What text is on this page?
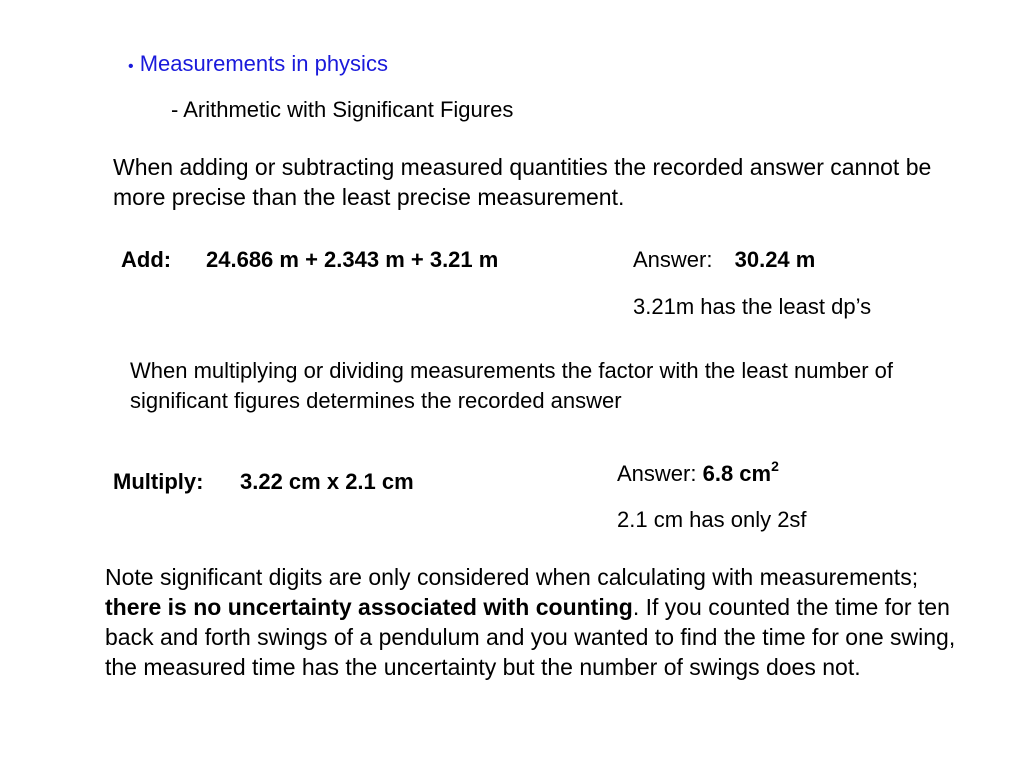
• Measurements in physics
- Arithmetic with Significant Figures
When adding or subtracting measured quantities the recorded answer cannot be more precise than the least precise measurement.
Add: 24.686 m + 2.343 m + 3.21 m	Answer: 30.24 m
3.21m has the least dp’s
When multiplying or dividing measurements the factor with the least number of significant figures determines the recorded answer
Multiply: 3.22 cm x 2.1 cm	Answer: 6.8 $cm^2$
2.1 cm has only 2sf
Note significant digits are only considered when calculating with measurements; there is no uncertainty associated with counting. If you counted the time for ten back and forth swings of a pendulum and you wanted to find the time for one swing, the measured time has the uncertainty but the number of swings does not.
